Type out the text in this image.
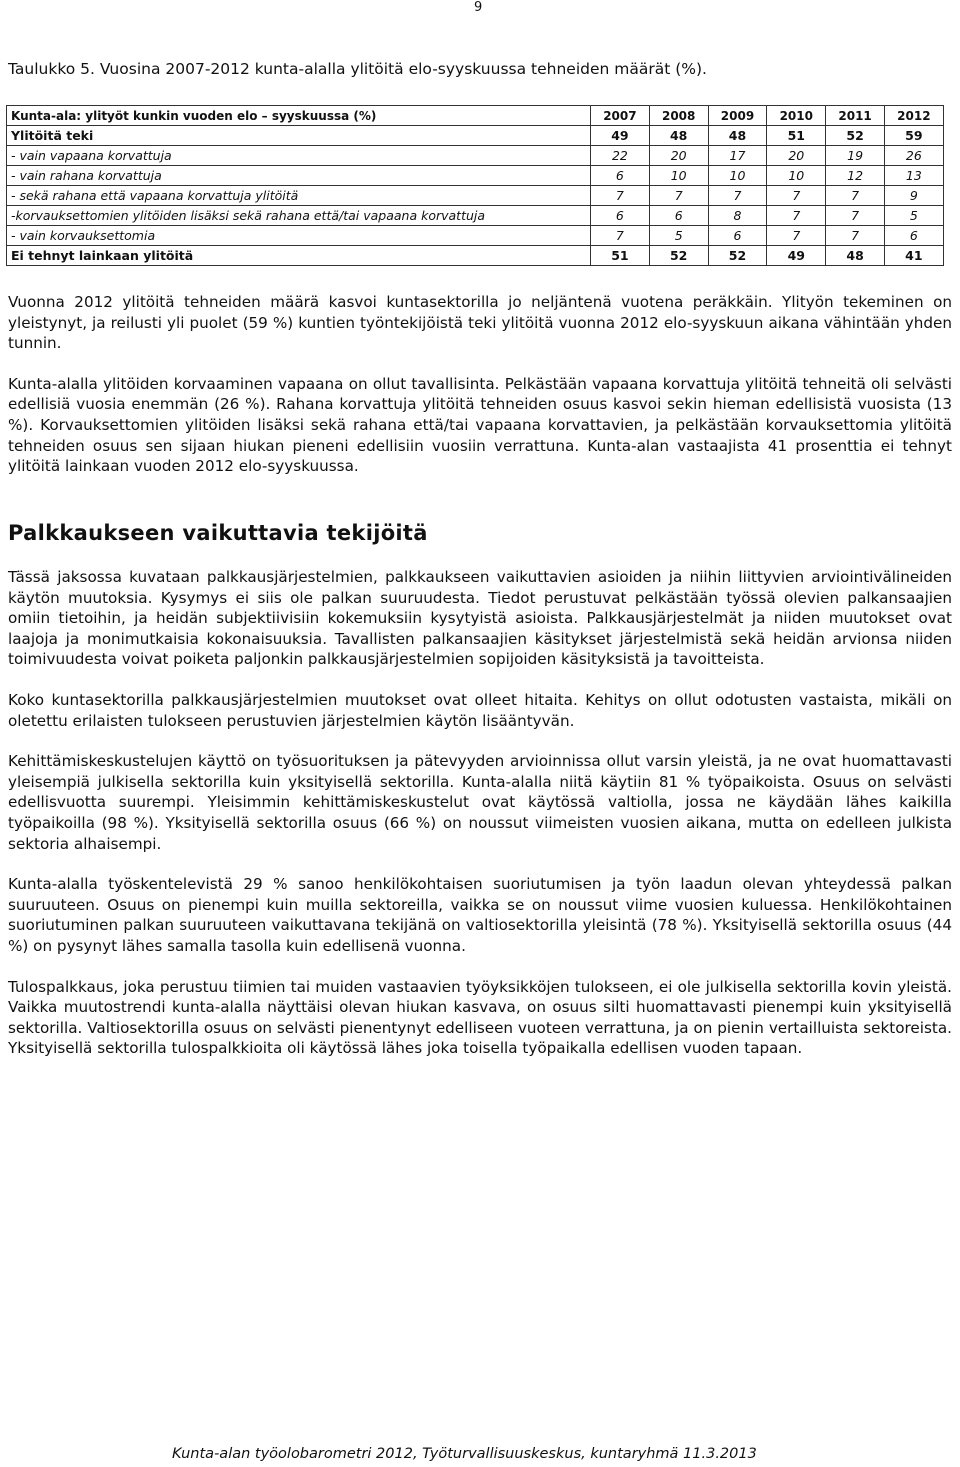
9
Taulukko 5. Vuosina 2007-2012 kunta-alalla ylitöitä elo-syyskuussa tehneiden määrät (%).
Kunta-ala: ylityöt kunkin vuoden elo – syyskuussa (%)	2007	2008	2009	2010	2011	2012
Ylitöitä teki	49	48	48	51	52	59
- vain vapaana korvattuja	22	20	17	20	19	26
- vain rahana korvattuja	6	10	10	10	12	13
- sekä rahana että vapaana korvattuja ylitöitä	7	7	7	7	7	9
-korvauksettomien ylitöiden lisäksi sekä rahana että/tai vapaana korvattuja	6	6	8	7	7	5
- vain korvauksettomia	7	5	6	7	7	6
Ei tehnyt lainkaan ylitöitä	51	52	52	49	48	41

Vuonna 2012 ylitöitä tehneiden määrä kasvoi kuntasektorilla jo neljäntenä vuotena peräkkäin. Ylityön tekeminen on yleistynyt, ja reilusti yli puolet (59 %) kuntien työntekijöistä teki ylitöitä vuonna 2012 elo-syyskuun aikana vähintään yhden tunnin.

Kunta-alalla ylitöiden korvaaminen vapaana on ollut tavallisinta. Pelkästään vapaana korvattuja ylitöitä tehneitä oli selvästi edellisiä vuosia enemmän (26 %). Rahana korvattuja ylitöitä tehneiden osuus kasvoi sekin hieman edellisistä vuosista (13 %). Korvauksettomien ylitöiden lisäksi sekä rahana että/tai vapaana korvattavien, ja pelkästään korvauksettomia ylitöitä tehneiden osuus sen sijaan hiukan pieneni edellisiin vuosiin verrattuna. Kunta-alan vastaajista 41 prosenttia ei tehnyt ylitöitä lainkaan vuoden 2012 elo-syyskuussa.

Palkkaukseen vaikuttavia tekijöitä

Tässä jaksossa kuvataan palkkausjärjestelmien, palkkaukseen vaikuttavien asioiden ja niihin liittyvien arviointivälineiden käytön muutoksia. Kysymys ei siis ole palkan suuruudesta. Tiedot perustuvat pelkästään työssä olevien palkansaajien omiin tietoihin, ja heidän subjektiivisiin kokemuksiin kysytyistä asioista. Palkkausjärjestelmät ja niiden muutokset ovat laajoja ja monimutkaisia kokonaisuuksia. Tavallisten palkansaajien käsitykset järjestelmistä sekä heidän arvionsa niiden toimivuudesta voivat poiketa paljonkin palkkausjärjestelmien sopijoiden käsityksistä ja tavoitteista.

Koko kuntasektorilla palkkausjärjestelmien muutokset ovat olleet hitaita. Kehitys on ollut odotusten vastaista, mikäli on oletettu erilaisten tulokseen perustuvien järjestelmien käytön lisääntyvän.

Kehittämiskeskustelujen käyttö on työsuorituksen ja pätevyyden arvioinnissa ollut varsin yleistä, ja ne ovat huomattavasti yleisempiä julkisella sektorilla kuin yksityisellä sektorilla. Kunta-alalla niitä käytiin 81 % työpaikoista. Osuus on selvästi edellisvuotta suurempi. Yleisimmin kehittämiskeskustelut ovat käytössä valtiolla, jossa ne käydään lähes kaikilla työpaikoilla (98 %). Yksityisellä sektorilla osuus (66 %) on noussut viimeisten vuosien aikana, mutta on edelleen julkista sektoria alhaisempi.

Kunta-alalla työskentelevistä 29 % sanoo henkilökohtaisen suoriutumisen ja työn laadun olevan yhteydessä palkan suuruuteen. Osuus on pienempi kuin muilla sektoreilla, vaikka se on noussut viime vuosien kuluessa. Henkilökohtainen suoriutuminen palkan suuruuteen vaikuttavana tekijänä on valtiosektorilla yleisintä (78 %). Yksityisellä sektorilla osuus (44 %) on pysynyt lähes samalla tasolla kuin edellisenä vuonna.

Tulospalkkaus, joka perustuu tiimien tai muiden vastaavien työyksikköjen tulokseen, ei ole julkisella sektorilla kovin yleistä. Vaikka muutostrendi kunta-alalla näyttäisi olevan hiukan kasvava, on osuus silti huomattavasti pienempi kuin yksityisellä sektorilla. Valtiosektorilla osuus on selvästi pienentynyt edelliseen vuoteen verrattuna, ja on pienin vertailluista sektoreista. Yksityisellä sektorilla tulospalkkioita oli käytössä lähes joka toisella työpaikalla edellisen vuoden tapaan.

Kunta-alan työolobarometri 2012, Työturvallisuuskeskus, kuntaryhmä 11.3.2013
